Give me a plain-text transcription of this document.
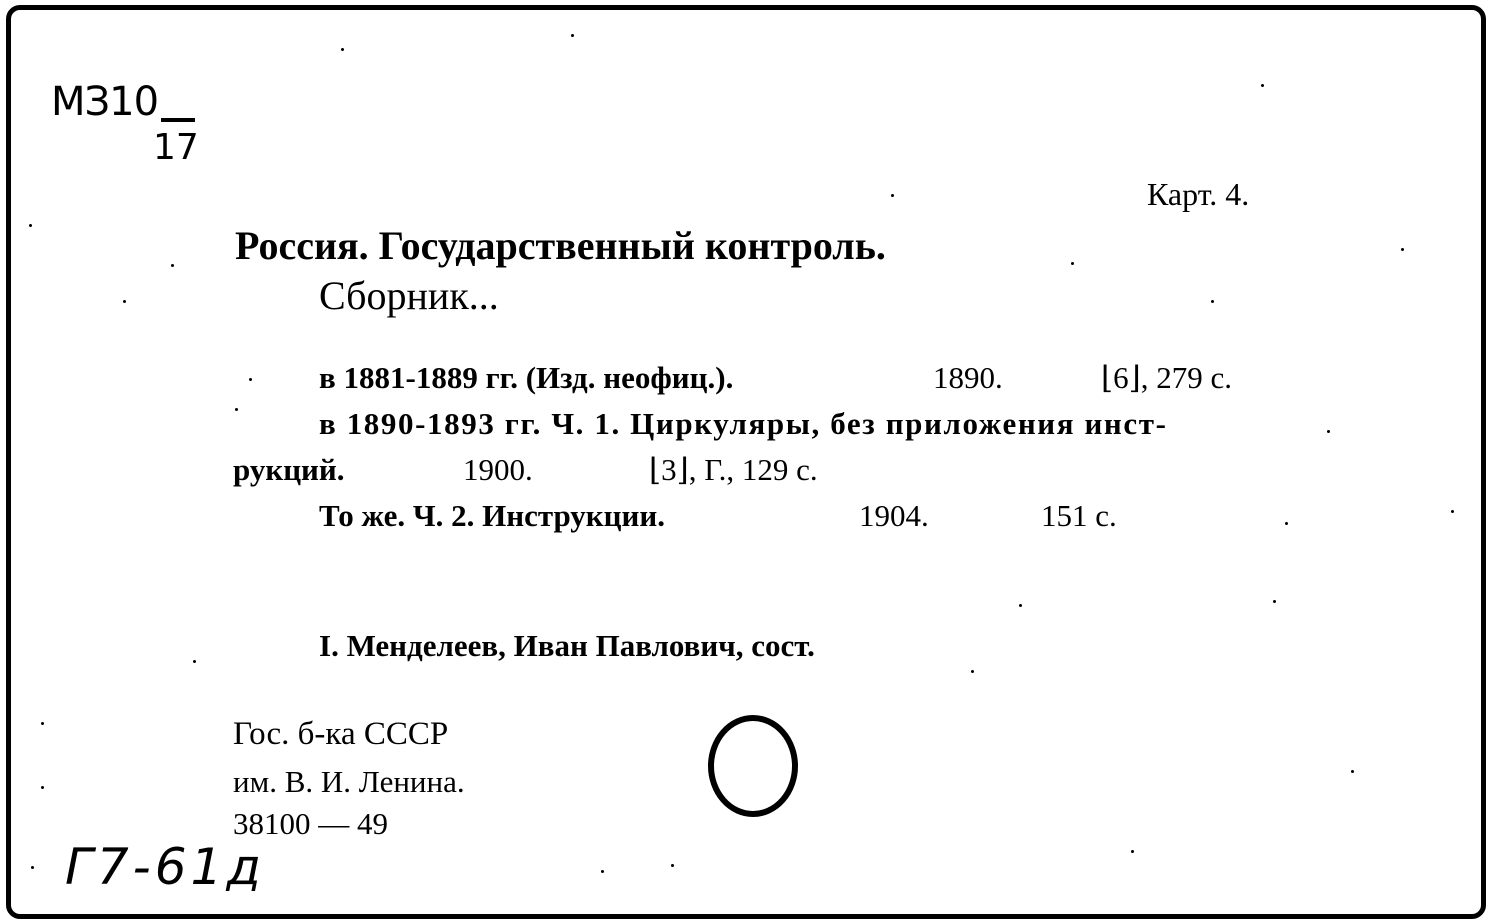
MЗ10
17
Карт. 4.
Россия. Государственный контроль.
Сборник...
в 1881-1889 гг. (Изд. неофиц.).	1890.	⌊6⌋, 279 с.
в 1890-1893 гг. Ч. 1. Циркуляры, без приложения инст-
рукций.	1900.	⌊3⌋, Г., 129 с.
То же. Ч. 2. Инструкции.	1904.	151 с.
I. Менделеев, Иван Павлович, сост.
Гос. б-ка СССР
им. В. И. Ленина.
38100 — 49
Г7-61д
